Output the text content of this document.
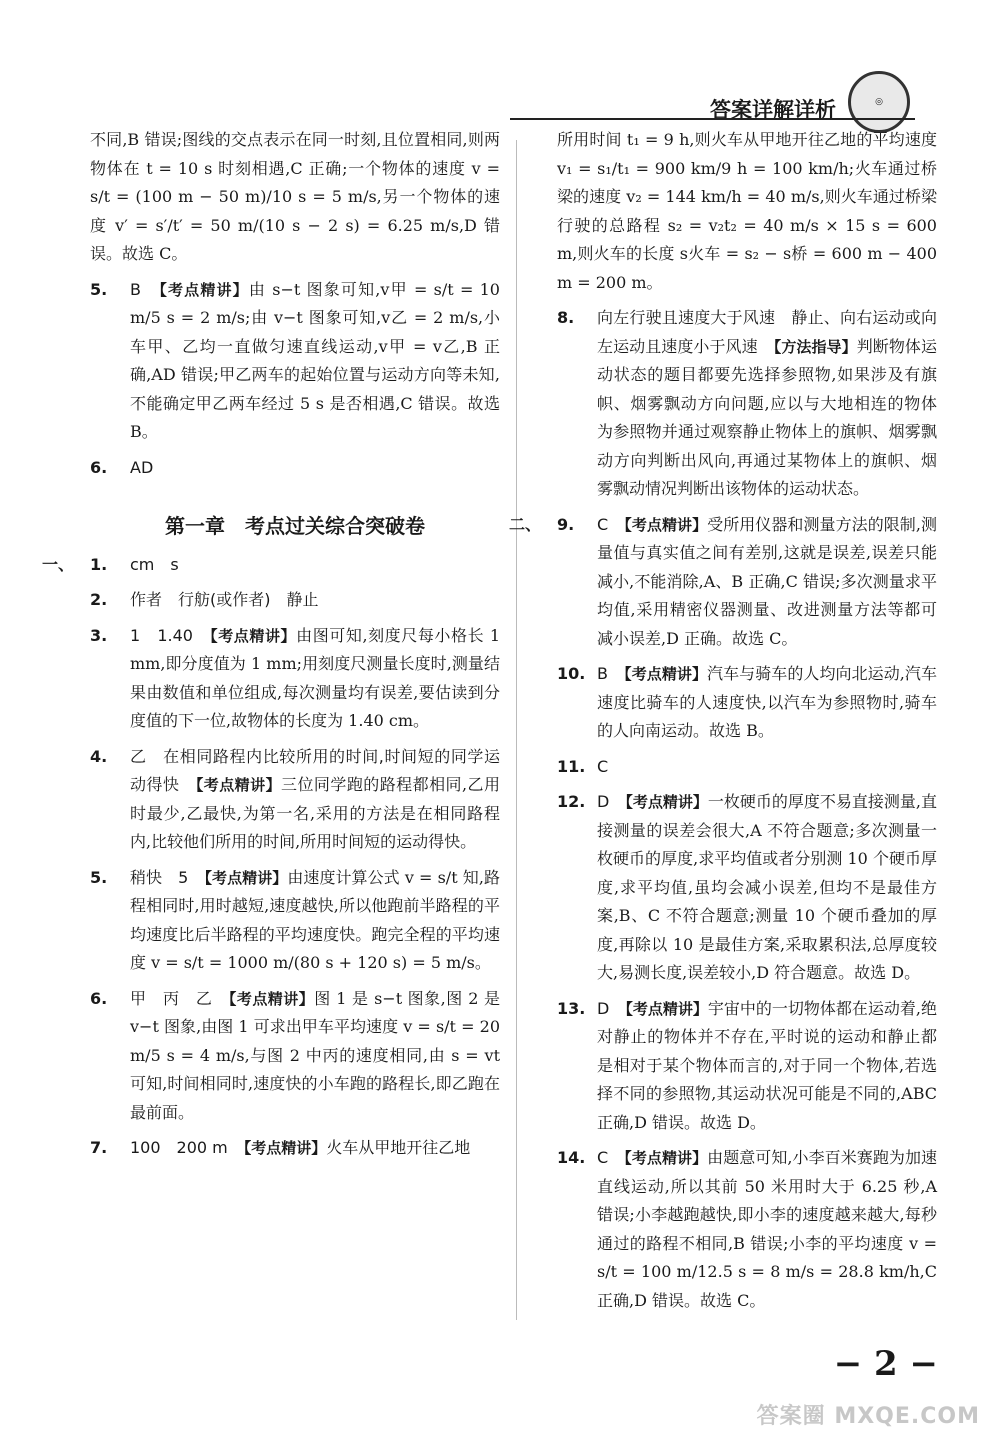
答案详解详析	◎
不同,B 错误;图线的交点表示在同一时刻,且位置相同,则两物体在 t = 10 s 时刻相遇,C 正确;一个物体的速度 v = s/t = (100 m − 50 m)/10 s = 5 m/s,另一个物体的速度 v′ = s′/t′ = 50 m/(10 s − 2 s) = 6.25 m/s,D 错误。故选 C。
5. B　 【考点精讲】由 s−t 图象可知,v甲 = s/t = 10 m/5 s = 2 m/s;由 v−t 图象可知,v乙 = 2 m/s,小车甲、乙均一直做匀速直线运动,v甲 = v乙,B 正确,AD 错误;甲乙两车的起始位置与运动方向等未知,不能确定甲乙两车经过 5 s 是否相遇,C 错误。故选 B。
6. AD
第一章　考点过关综合突破卷
一、 1. cm　s
2. 作者　行舫(或作者)　静止
3. 1　1.40　 【考点精讲】由图可知,刻度尺每小格长 1 mm,即分度值为 1 mm;用刻度尺测量长度时,测量结果由数值和单位组成,每次测量均有误差,要估读到分度值的下一位,故物体的长度为 1.40 cm。
4. 乙　在相同路程内比较所用的时间,时间短的同学运动得快　 【考点精讲】三位同学跑的路程都相同,乙用时最少,乙最快,为第一名,采用的方法是在相同路程内,比较他们所用的时间,所用时间短的运动得快。
5. 稍快　5　 【考点精讲】由速度计算公式 v = s/t 知,路程相同时,用时越短,速度越快,所以他跑前半路程的平均速度比后半路程的平均速度快。跑完全程的平均速度 v = s/t = 1000 m/(80 s + 120 s) = 5 m/s。
6. 甲　丙　乙　 【考点精讲】图 1 是 s−t 图象,图 2 是 v−t 图象,由图 1 可求出甲车平均速度 v = s/t = 20 m/5 s = 4 m/s,与图 2 中丙的速度相同,由 s = vt 可知,时间相同时,速度快的小车跑的路程长,即乙跑在最前面。
7. 100　200 m　 【考点精讲】火车从甲地开往乙地
所用时间 t₁ = 9 h,则火车从甲地开往乙地的平均速度 v₁ = s₁/t₁ = 900 km/9 h = 100 km/h;火车通过桥梁的速度 v₂ = 144 km/h = 40 m/s,则火车通过桥梁行驶的总路程 s₂ = v₂t₂ = 40 m/s × 15 s = 600 m,则火车的长度 s火车 = s₂ − s桥 = 600 m − 400 m = 200 m。
8. 向左行驶且速度大于风速　静止、向右运动或向左运动且速度小于风速　 【方法指导】判断物体运动状态的题目都要先选择参照物,如果涉及有旗帜、烟雾飘动方向问题,应以与大地相连的物体为参照物并通过观察静止物体上的旗帜、烟雾飘动方向判断出风向,再通过某物体上的旗帜、烟雾飘动情况判断出该物体的运动状态。
二、 9. C　 【考点精讲】受所用仪器和测量方法的限制,测量值与真实值之间有差别,这就是误差,误差只能减小,不能消除,A、B 正确,C 错误;多次测量求平均值,采用精密仪器测量、改进测量方法等都可减小误差,D 正确。故选 C。
10. B　 【考点精讲】汽车与骑车的人均向北运动,汽车速度比骑车的人速度快,以汽车为参照物时,骑车的人向南运动。故选 B。
11. C
12. D　 【考点精讲】一枚硬币的厚度不易直接测量,直接测量的误差会很大,A 不符合题意;多次测量一枚硬币的厚度,求平均值或者分别测 10 个硬币厚度,求平均值,虽均会减小误差,但均不是最佳方案,B、C 不符合题意;测量 10 个硬币叠加的厚度,再除以 10 是最佳方案,采取累积法,总厚度较大,易测长度,误差较小,D 符合题意。故选 D。
13. D　 【考点精讲】宇宙中的一切物体都在运动着,绝对静止的物体并不存在,平时说的运动和静止都是相对于某个物体而言的,对于同一个物体,若选择不同的参照物,其运动状况可能是不同的,ABC 正确,D 错误。故选 D。
14. C　 【考点精讲】由题意可知,小李百米赛跑为加速直线运动,所以其前 50 米用时大于 6.25 秒,A 错误;小李越跑越快,即小李的速度越来越大,每秒通过的路程不相同,B 错误;小李的平均速度 v = s/t = 100 m/12.5 s = 8 m/s = 28.8 km/h,C 正确,D 错误。故选 C。
− 2 −
答案圈 MXQE.COM
